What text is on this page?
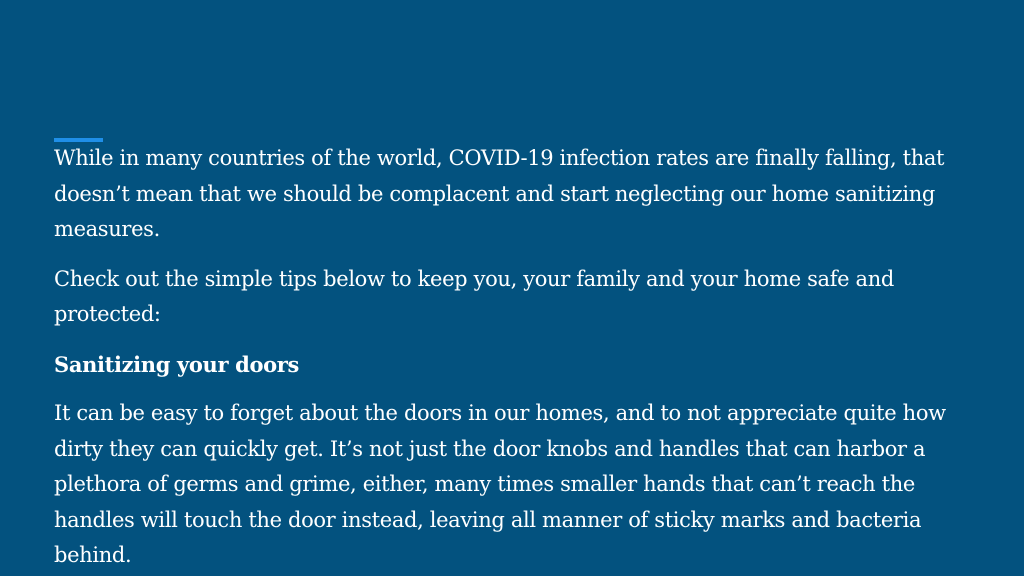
While in many countries of the world, COVID-19 infection rates are finally falling, that doesn’t mean that we should be complacent and start neglecting our home sanitizing measures.

Check out the simple tips below to keep you, your family and your home safe and protected:

Sanitizing your doors

It can be easy to forget about the doors in our homes, and to not appreciate quite how dirty they can quickly get. It’s not just the door knobs and handles that can harbor a plethora of germs and grime, either, many times smaller hands that can’t reach the handles will touch the door instead, leaving all manner of sticky marks and bacteria behind.
